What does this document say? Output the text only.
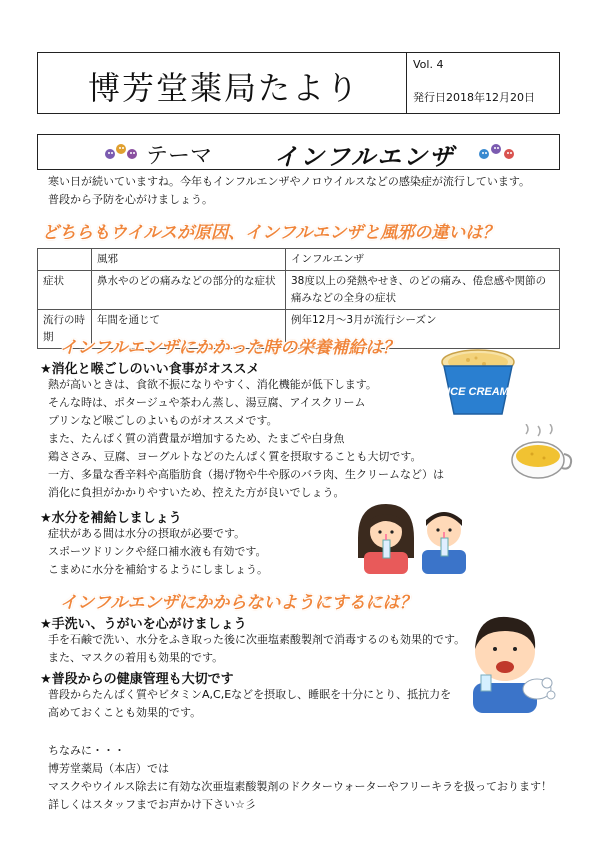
博芳堂薬局たより
Vol. 4
発行日2018年12月20日
テーマ	インフルエンザ
寒い日が続いていますね。今年もインフルエンザやノロウイルスなどの感染症が流行しています。
普段から予防を心がけましょう。
どちらもウイルスが原因、インフルエンザと風邪の違いは？
	風邪	インフルエンザ
症状	鼻水やのどの痛みなどの部分的な症状	38度以上の発熱やせき、のどの痛み、倦怠感や関節の痛みなどの全身の症状
流行の時期	年間を通じて	例年12月～3月が流行シーズン
インフルエンザにかかった時の栄養補給は？
★消化と喉ごしのいい食事がオススメ
熱が高いときは、食欲不振になりやすく、消化機能が低下します。
そんな時は、ポタージュや茶わん蒸し、湯豆腐、アイスクリーム
プリンなど喉ごしのよいものがオススメです。
また、たんぱく質の消費量が増加するため、たまごや白身魚
鶏ささみ、豆腐、ヨーグルトなどのたんぱく質を摂取することも大切です。
一方、多量な香辛料や高脂肪食（揚げ物や牛や豚のバラ肉、生クリームなど）は
消化に負担がかかりやすいため、控えた方が良いでしょう。
ICE CREAM
★水分を補給しましょう
症状がある間は水分の摂取が必要です。
スポーツドリンクや経口補水液も有効です。
こまめに水分を補給するようにしましょう。
インフルエンザにかからないようにするには？
★手洗い、うがいを心がけましょう
手を石鹸で洗い、水分をふき取った後に次亜塩素酸製剤で消毒するのも効果的です。
また、マスクの着用も効果的です。
★普段からの健康管理も大切です
普段からたんぱく質やビタミンA,C,Eなどを摂取し、睡眠を十分にとり、抵抗力を
高めておくことも効果的です。
ちなみに・・・
博芳堂薬局（本店）では
マスクやウイルス除去に有効な次亜塩素酸製剤のドクターウォーターやフリーキラを扱っております！
詳しくはスタッフまでお声かけ下さい☆彡
